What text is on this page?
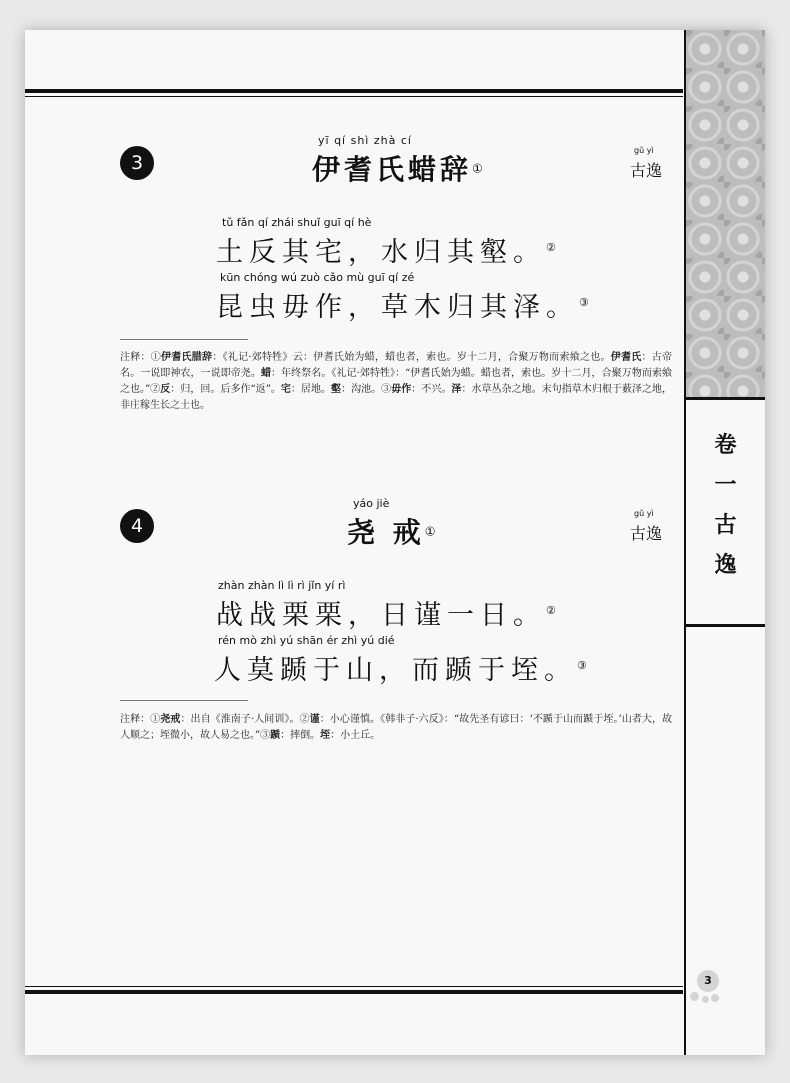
卷
一
古
逸
3
yī qí shì zhà cí
伊耆氏蜡辞①
gǔ yì
古逸
tǔ fǎn qí zhái shuǐ guī qí hè
土反其宅，水归其壑。②
kūn chóng wú zuò cǎo mù guī qí zé
昆虫毋作，草木归其泽。③
注释：①伊耆氏腊辞：《礼记·郊特牲》云：伊耆氏始为蜡，蜡也者，索也。岁十二月，合聚万物而索飨之也。伊耆氏：古帝名。一说即神农，一说即帝尧。蜡：年终祭名。《礼记·郊特牲》：“伊耆氏始为蜡。蜡也者，索也。岁十二月，合聚万物而索飨之也。”②反：归，回。后多作“返”。宅：居地。壑：沟池。③毋作：不兴。泽：水草丛杂之地。末句指草木归根于薮泽之地，非庄稼生长之土也。
4
yáo jiè
尧 戒①
gǔ yì
古逸
zhàn zhàn lì lì rì jǐn yí rì
战战栗栗，日谨一日。②
rén mò zhì yú shān ér zhì yú dié
人莫踬于山，而踬于垤。③
注释：①尧戒：出自《淮南子·人间训》。②谨：小心谨慎。《韩非子·六反》：“故先圣有谚曰：‘不踬于山而踬于垤。’山者大，故人顺之；垤微小，故人易之也。”③踬：摔倒。垤：小土丘。
3
